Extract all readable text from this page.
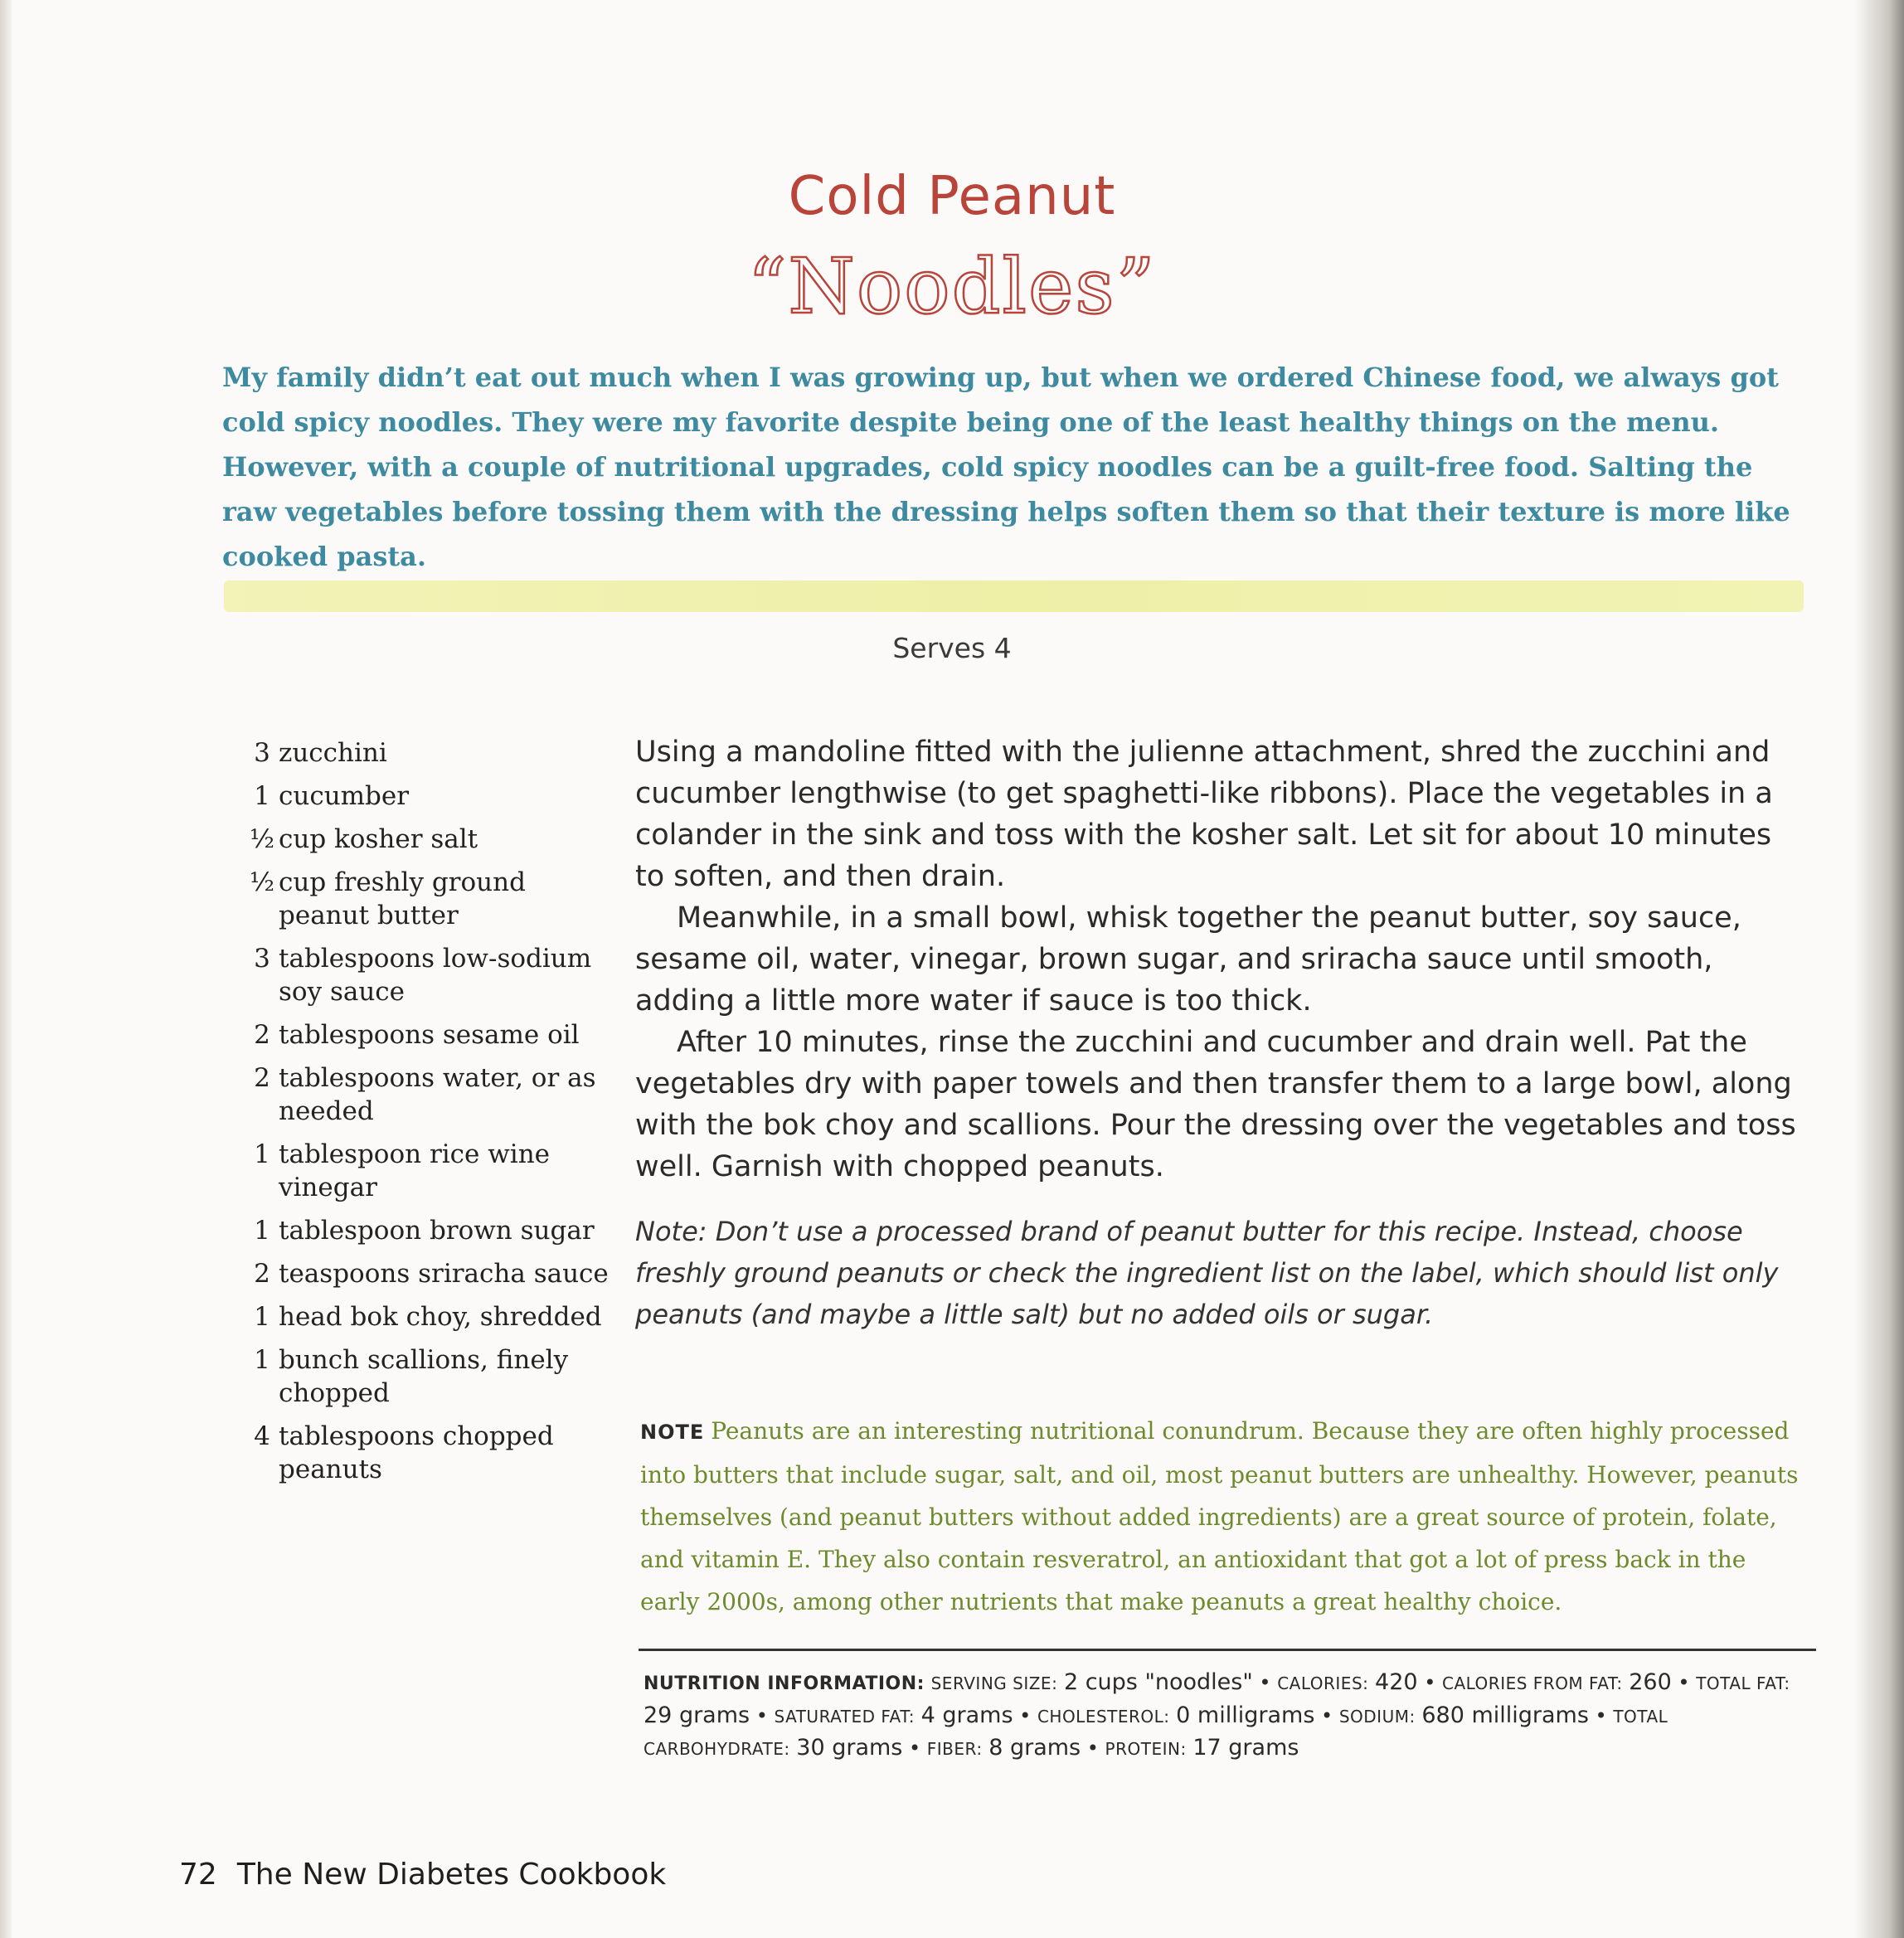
Cold Peanut
“Noodles”
My family didn’t eat out much when I was growing up, but when we ordered Chinese food, we always got cold spicy noodles. They were my favorite despite being one of the least healthy things on the menu. However, with a couple of nutritional upgrades, cold spicy noodles can be a guilt-free food. Salting the raw vegetables before tossing them with the dressing helps soften them so that their texture is more like cooked pasta.
Serves 4
3 zucchini
1 cucumber
½ cup kosher salt
½ cup freshly ground peanut butter
3 tablespoons low-sodium soy sauce
2 tablespoons sesame oil
2 tablespoons water, or as needed
1 tablespoon rice wine vinegar
1 tablespoon brown sugar
2 teaspoons sriracha sauce
1 head bok choy, shredded
1 bunch scallions, finely chopped
4 tablespoons chopped peanuts

Using a mandoline fitted with the julienne attachment, shred the zucchini and cucumber lengthwise (to get spaghetti-like ribbons). Place the vegetables in a colander in the sink and toss with the kosher salt. Let sit for about 10 minutes to soften, and then drain.

Meanwhile, in a small bowl, whisk together the peanut butter, soy sauce, sesame oil, water, vinegar, brown sugar, and sriracha sauce until smooth, adding a little more water if sauce is too thick.

After 10 minutes, rinse the zucchini and cucumber and drain well. Pat the vegetables dry with paper towels and then transfer them to a large bowl, along with the bok choy and scallions. Pour the dressing over the vegetables and toss well. Garnish with chopped peanuts.

Note: Don’t use a processed brand of peanut butter for this recipe. Instead, choose freshly ground peanuts or check the ingredient list on the label, which should list only peanuts (and maybe a little salt) but no added oils or sugar.
NOTE Peanuts are an interesting nutritional conundrum. Because they are often highly processed into butters that include sugar, salt, and oil, most peanut butters are unhealthy. However, peanuts themselves (and peanut butters without added ingredients) are a great source of protein, folate, and vitamin E. They also contain resveratrol, an antioxidant that got a lot of press back in the early 2000s, among other nutrients that make peanuts a great healthy choice.
NUTRITION INFORMATION: SERVING SIZE: 2 cups "noodles" • CALORIES: 420 • CALORIES FROM FAT: 260 • TOTAL FAT: 29 grams • SATURATED FAT: 4 grams • CHOLESTEROL: 0 milligrams • SODIUM: 680 milligrams • TOTAL CARBOHYDRATE: 30 grams • FIBER: 8 grams • PROTEIN: 17 grams
72 The New Diabetes Cookbook
